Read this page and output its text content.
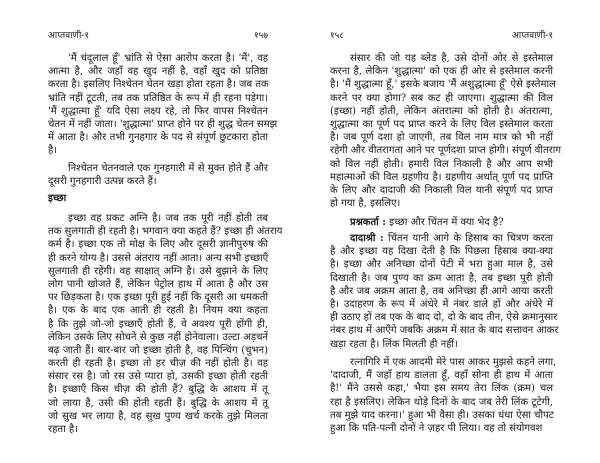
आप्तवाणी-१	१५७
'मैं चंदूलाल हूँ' भ्रांति से ऐसा आरोप करता है। 'मैं', वह
आत्मा है, और जहाँ वह खुद नहीं है, वहाँ खुद को प्रतिष्ठा
करता है। इसलिए निश्चेतन चेतन खड़ा होता रहता है। जब तक
भ्रांति नहीं टूटती, तब तक प्रतिष्ठित के रूप में ही रहना पड़ेगा।
'मैं शुद्धात्मा हूँ' यदि ऐसा लक्ष्य रहे, तो फिर वापस निश्चेतन
चेतन में नहीं जाता। 'शुद्धात्मा' प्राप्त होने पर ही शुद्ध चेतन समझ
में आता है। और तभी गुनहगार के पद से संपूर्ण छुटकारा होता
है।
निश्चेतन चेतनवाले एक गुनहगारी में से मुक्त होते हैं और
दूसरी गुनहगारी उत्पन्न करते हैं।
इच्छा
इच्छा वह प्रकट अग्नि है। जब तक पूरी नहीं होती तब
तक सुलगाती ही रहती है। भगवान क्या कहते हैं? इच्छा ही अंतराय
कर्म है। इच्छा एक तो मोक्ष के लिए और दूसरी ज्ञानीपुरुष की
ही करने योग्य है। उससे अंतराय नहीं आता। अन्य सभी इच्छाएँ
सुलगाती ही रहेंगी। वह साक्षात् अग्नि है। उसे बुझाने के लिए
लोग पानी खोजते हैं, लेकिन पेट्रोल हाथ में आता है और उस
पर छिड़कता है। एक इच्छा पूरी हुई नहीं कि दूसरी आ धमकती
है। एक के बाद एक आती ही रहती है। नियम क्या कहता
है कि तुझे जो-जो इच्छाएँ होती हैं, वे अवश्य पूरी होंगी ही,
लेकिन उसके लिए सोचने से कुछ नहीं होनेवाला। उल्टा अड़चनें
बढ़ जाती हैं। बार-बार जो इच्छा होती है, वह पिन्चिंग (चुभन)
करती ही रहती है। इच्छा तो हर चीज़ की नहीं होती है। वह
संसार रस है। जो रस उसे प्यारा हो, उसकी इच्छा होती रहती
है। इच्छाएँ किस चीज़ की होती हैं? बुद्धि के आशय में तू
जो लाया है, उसी की होती रहती हैं। बुद्धि के आशय में तू
जो सुख भर लाया है, वह सुख पुण्य खर्च करके तुझे मिलता
रहता है।
१५८	आप्तवाणी-१
संसार की जो यह ब्लेड है, उसे दोनों ओर से इस्तेमाल
करना है, लेकिन 'शुद्धात्मा' को एक ही ओर से इस्तेमाल करनी
है। 'मैं शुद्धात्मा हूँ,' इसके बजाय 'मैं अशुद्धात्मा हूँ' ऐसे इस्तेमाल
करने पर क्या होगा? सब कट ही जाएगा। शुद्धात्मा की विल
(इच्छा) नहीं होती, लेकिन अंतरात्मा को होती है। अंतरात्मा,
शुद्धात्मा का पूर्ण पद प्राप्त करने के लिए विल इस्तेमाल करता
है। जब पूर्ण दशा हो जाएगी, तब विल नाम मात्र को भी नहीं
रहेगी और वीतरागता आने पर पूर्णदशा प्राप्त होगी। संपूर्ण वीतराग
को विल नहीं होती। हमारी विल निकाली है और आप सभी
महात्माओं की विल ग्रहणीय है। ग्रहणीय अर्थात् पूर्ण पद प्राप्ति
के लिए और दादाजी की निकाली विल यानी संपूर्ण पद प्राप्त
हो गया है, इसलिए।
प्रश्नकर्ता : इच्छा और चिंतन में क्या भेद है?
दादाश्री : चिंतन यानी आगे के हिसाब का चित्रण करता
है और इच्छा यह दिखा देती है कि पिछला हिसाब क्या-क्या
है। इच्छा और अनिच्छा दोनों पेटी में भरा हुआ माल है, उसे
दिखाती है। जब पुण्य का क्रम आता है, तब इच्छा पूरी होती
है और जब अक्रम आता है, तब अनिच्छा ही आगे आया करती
है। उदाहरण के रूप में अंधेरे में नंबर डाले हों और अंधेरे में
ही उठाए हों तब एक के बाद दो, दो के बाद तीन, ऐसे क्रमानुसार
नंबर हाथ में आएँगे जबकि अक्रम में सात के बाद सत्तावन आकर
खड़ा रहता है। लिंक मिलती ही नहीं।
रत्नागिरि में एक आदमी मेरे पास आकर मुझसे कहने लगा,
'दादाजी, मैं जहाँ हाथ डालता हूँ, वहाँ सोना ही हाथ में आता
है!' मैंने उससे कहा,' भैया इस समय तेरा लिंक (क्रम) चल
रहा है इसलिए। लेकिन थोड़े दिनों के बाद जब तेरी लिंक टूटेगी,
तब मुझे याद करना।' हुआ भी वैसा ही। उसका धंधा ऐसा चौपट
हुआ कि पति-पत्नी दोनों ने ज़हर पी लिया। वह तो संयोगवश
